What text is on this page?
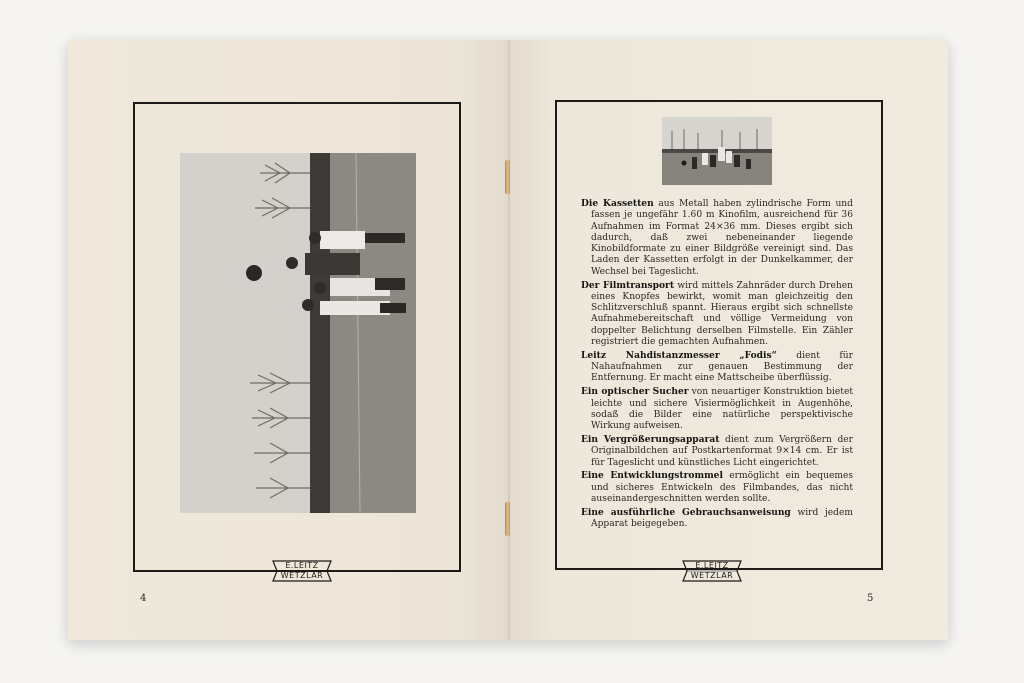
E.LEITZ
WETZLAR
4

Die Kassetten aus Metall haben zylindrische Form und fassen je ungefähr 1.60 m Kinofilm, ausreichend für 36 Aufnahmen im Format 24×36 mm. Dieses ergibt sich dadurch, daß zwei nebeneinander liegende Kinobildformate zu einer Bildgröße vereinigt sind. Das Laden der Kassetten erfolgt in der Dunkelkammer, der Wechsel bei Tageslicht.

Der Filmtransport wird mittels Zahnräder durch Drehen eines Knopfes bewirkt, womit man gleichzeitig den Schlitzverschluß spannt. Hieraus ergibt sich schnellste Aufnahmebereitschaft und völlige Vermeidung von doppelter Belichtung derselben Filmstelle. Ein Zähler registriert die gemachten Aufnahmen.

Leitz Nahdistanzmesser „Fodis“ dient für Nahaufnahmen zur genauen Bestimmung der Entfernung. Er macht eine Mattscheibe überflüssig.

Ein optischer Sucher von neuartiger Konstruktion bietet leichte und sichere Visiermöglichkeit in Augenhöhe, sodaß die Bilder eine natürliche perspektivische Wirkung aufweisen.

Ein Vergrößerungsapparat dient zum Vergrößern der Originalbildchen auf Postkartenformat 9×14 cm. Er ist für Tageslicht und künstliches Licht eingerichtet.

Eine Entwicklungstrommel ermöglicht ein bequemes und sicheres Entwickeln des Filmbandes, das nicht auseinandergeschnitten werden sollte.

Eine ausführliche Gebrauchsanweisung wird jedem Apparat beigegeben.

5
E.LEITZ
WETZLAR
